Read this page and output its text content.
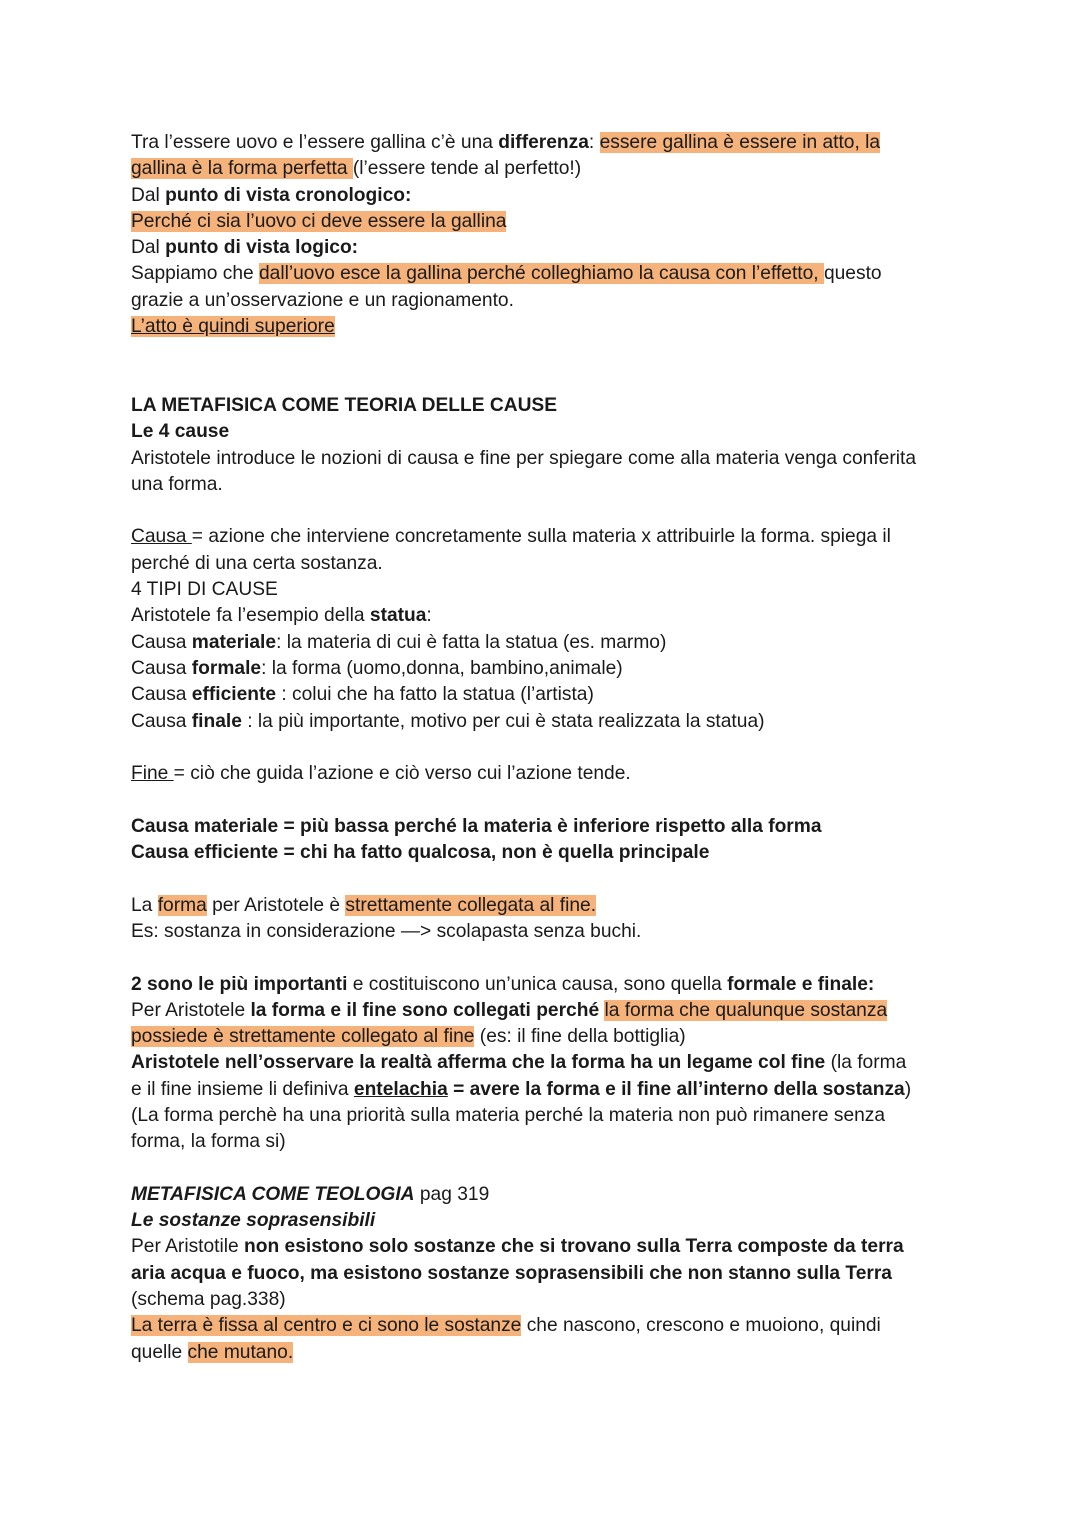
Tra l’essere uovo e l’essere gallina c’è una differenza: essere gallina è essere in atto, la
gallina è la forma perfetta (l’essere tende al perfetto!)
Dal punto di vista cronologico:
Perché ci sia l’uovo ci deve essere la gallina
Dal punto di vista logico:
Sappiamo che dall’uovo esce la gallina perché colleghiamo la causa con l’effetto, questo
grazie a un’osservazione e un ragionamento.
L’atto è quindi superiore
LA METAFISICA COME TEORIA DELLE CAUSE
Le 4 cause
Aristotele introduce le nozioni di causa e fine per spiegare come alla materia venga conferita
una forma.
Causa = azione che interviene concretamente sulla materia x attribuirle la forma. spiega il
perché di una certa sostanza.
4 TIPI DI CAUSE
Aristotele fa l’esempio della statua:
Causa materiale: la materia di cui è fatta la statua (es. marmo)
Causa formale: la forma (uomo,donna, bambino,animale)
Causa efficiente : colui che ha fatto la statua (l’artista)
Causa finale : la più importante, motivo per cui è stata realizzata la statua)
Fine = ciò che guida l’azione e ciò verso cui l’azione tende.
Causa materiale = più bassa perché la materia è inferiore rispetto alla forma
Causa efficiente = chi ha fatto qualcosa, non è quella principale
La forma per Aristotele è strettamente collegata al fine.
Es: sostanza in considerazione —> scolapasta senza buchi.
2 sono le più importanti e costituiscono un’unica causa, sono quella formale e finale:
Per Aristotele la forma e il fine sono collegati perché la forma che qualunque sostanza
possiede è strettamente collegato al fine (es: il fine della bottiglia)
Aristotele nell’osservare la realtà afferma che la forma ha un legame col fine (la forma
e il fine insieme li definiva entelachia = avere la forma e il fine all’interno della sostanza)
(La forma perchè ha una priorità sulla materia perché la materia non può rimanere senza
forma, la forma si)
METAFISICA COME TEOLOGIA pag 319
Le sostanze soprasensibili
Per Aristotile non esistono solo sostanze che si trovano sulla Terra composte da terra
aria acqua e fuoco, ma esistono sostanze soprasensibili che non stanno sulla Terra
(schema pag.338)
La terra è fissa al centro e ci sono le sostanze che nascono, crescono e muoiono, quindi
quelle che mutano.
